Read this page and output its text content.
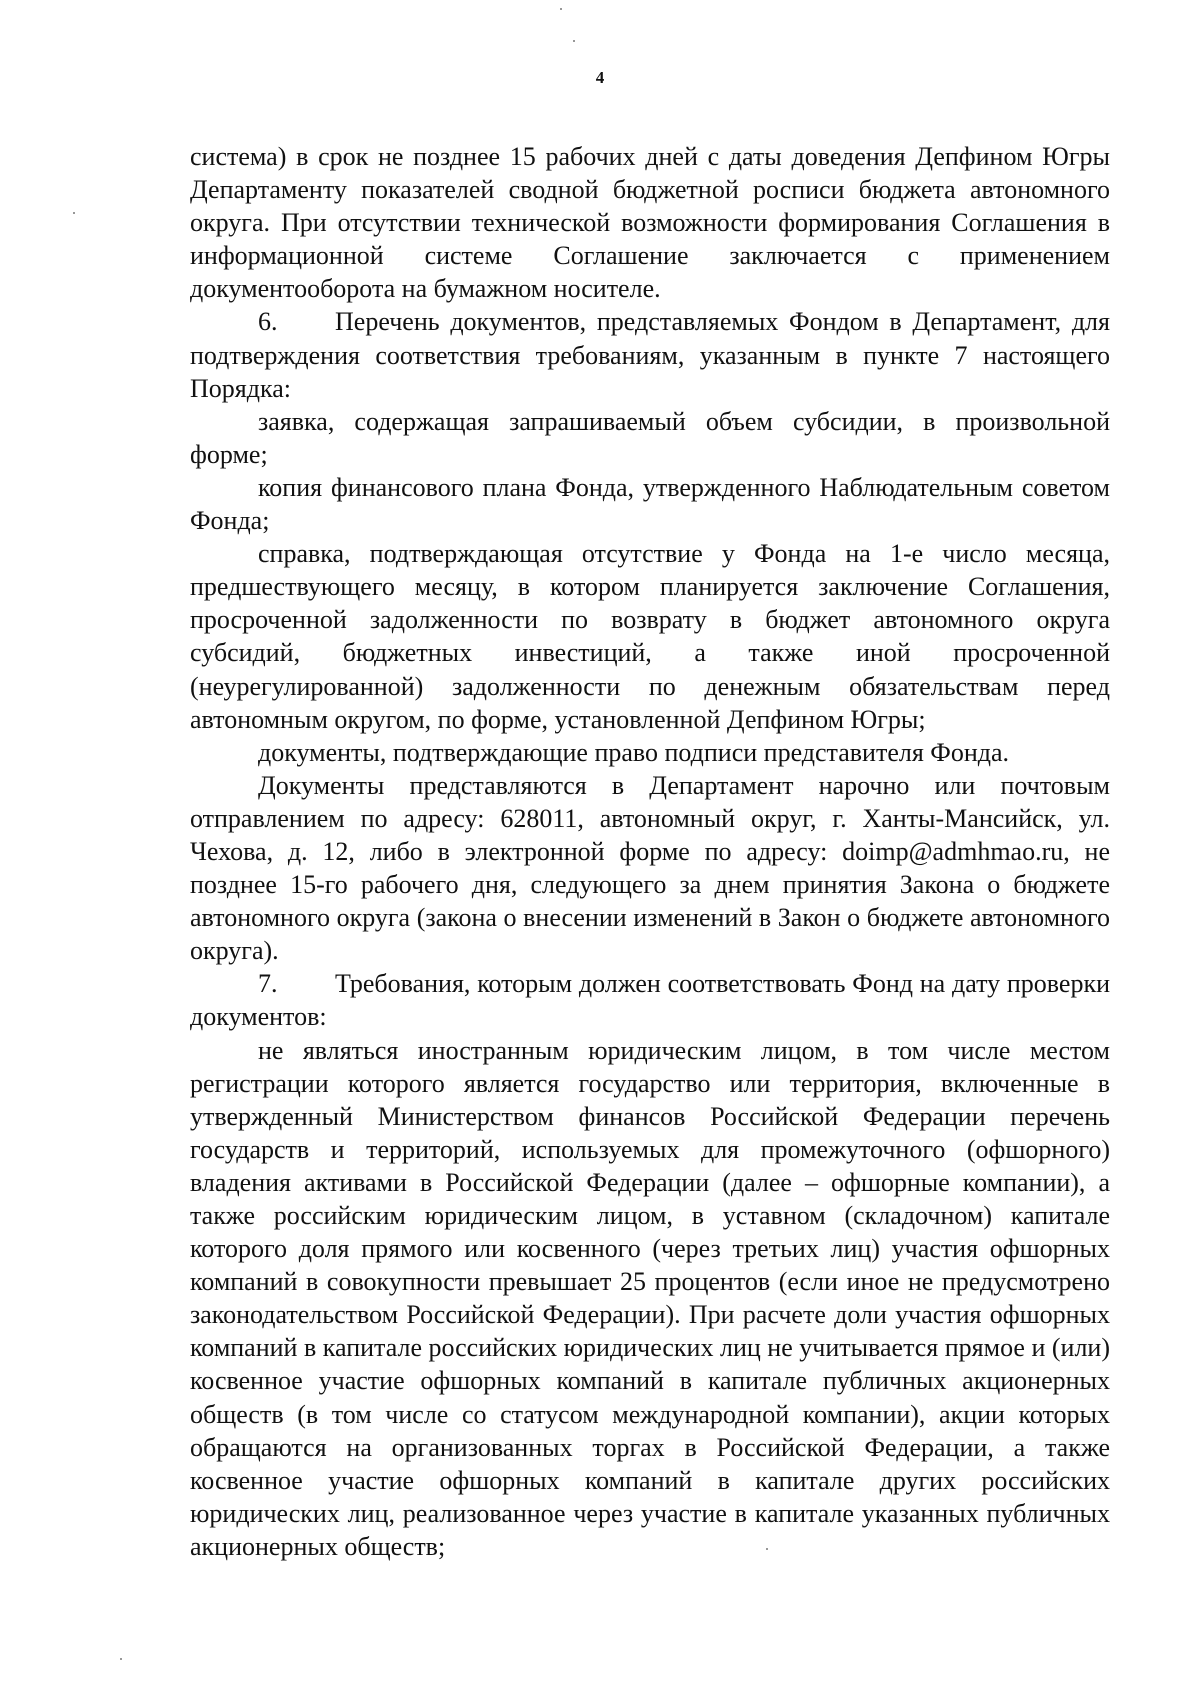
4

система) в срок не позднее 15 рабочих дней с даты доведения Депфином Югры Департаменту показателей сводной бюджетной росписи бюджета автономного округа. При отсутствии технической возможности формирования Соглашения в информационной системе Соглашение заключается с применением документооборота на бумажном носителе.

6. Перечень документов, представляемых Фондом в Департамент, для подтверждения соответствия требованиям, указанным в пункте 7 настоящего Порядка:

заявка, содержащая запрашиваемый объем субсидии, в произвольной форме;

копия финансового плана Фонда, утвержденного Наблюдательным советом Фонда;

справка, подтверждающая отсутствие у Фонда на 1-е число месяца, предшествующего месяцу, в котором планируется заключение Соглашения, просроченной задолженности по возврату в бюджет автономного округа субсидий, бюджетных инвестиций, а также иной просроченной (неурегулированной) задолженности по денежным обязательствам перед автономным округом, по форме, установленной Депфином Югры;

документы, подтверждающие право подписи представителя Фонда.

Документы представляются в Департамент нарочно или почтовым отправлением по адресу: 628011, автономный округ, г. Ханты-Мансийск, ул. Чехова, д. 12, либо в электронной форме по адресу: doimp@admhmao.ru, не позднее 15-го рабочего дня, следующего за днем принятия Закона о бюджете автономного округа (закона о внесении изменений в Закон о бюджете автономного округа).

7. Требования, которым должен соответствовать Фонд на дату проверки документов:

не являться иностранным юридическим лицом, в том числе местом регистрации которого является государство или территория, включенные в утвержденный Министерством финансов Российской Федерации перечень государств и территорий, используемых для промежуточного (офшорного) владения активами в Российской Федерации (далее – офшорные компании), а также российским юридическим лицом, в уставном (складочном) капитале которого доля прямого или косвенного (через третьих лиц) участия офшорных компаний в совокупности превышает 25 процентов (если иное не предусмотрено законодательством Российской Федерации). При расчете доли участия офшорных компаний в капитале российских юридических лиц не учитывается прямое и (или) косвенное участие офшорных компаний в капитале публичных акционерных обществ (в том числе со статусом международной компании), акции которых обращаются на организованных торгах в Российской Федерации, а также косвенное участие офшорных компаний в капитале других российских юридических лиц, реализованное через участие в капитале указанных публичных акционерных обществ;
